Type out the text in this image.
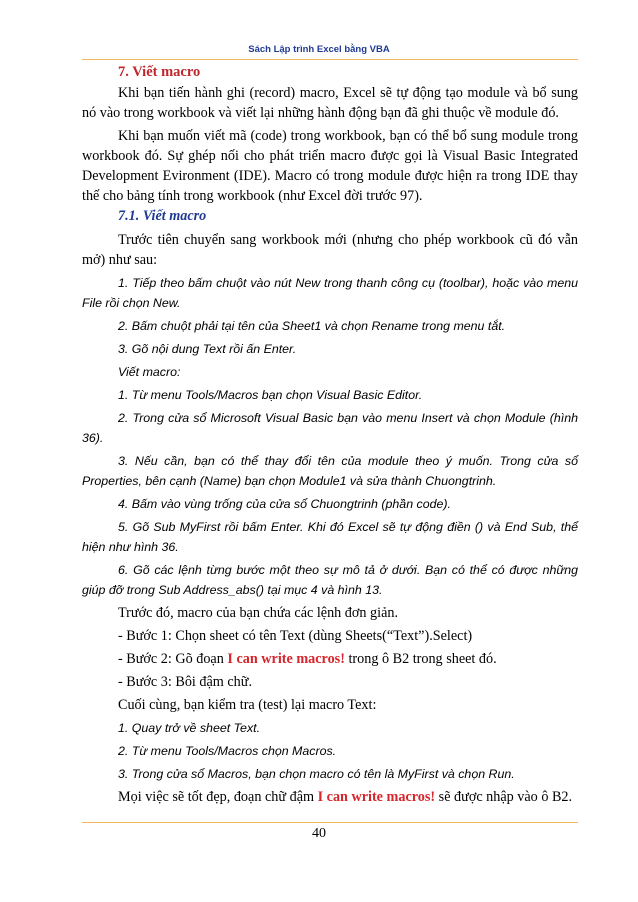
Sách Lập trình Excel bằng VBA

7. Viết macro

Khi bạn tiến hành ghi (record) macro, Excel sẽ tự động tạo module và bổ sung nó vào trong workbook và viết lại những hành động bạn đã ghi thuộc về module đó.

Khi bạn muốn viết mã (code) trong workbook, bạn có thể bổ sung module trong workbook đó. Sự ghép nối cho phát triển macro được gọi là Visual Basic Integrated Development Evironment (IDE). Macro có trong module được hiện ra trong IDE thay thế cho bảng tính trong workbook (như Excel đời trước 97).

7.1. Viết macro

Trước tiên chuyển sang workbook mới (nhưng cho phép workbook cũ đó vẫn mở) như sau:

1. Tiếp theo bấm chuột vào nút New trong thanh công cụ (toolbar), hoặc vào menu File rồi chọn New.

2. Bấm chuột phải tại tên của Sheet1 và chọn Rename trong menu tắt.

3. Gõ nội dung Text rồi ấn Enter.

Viết macro:

1. Từ menu Tools/Macros bạn chọn Visual Basic Editor.

2. Trong cửa sổ Microsoft Visual Basic bạn vào menu Insert và chọn Module (hình 36).

3. Nếu cần, bạn có thể thay đổi tên của module theo ý muốn. Trong cửa sổ Properties, bên cạnh (Name) bạn chọn Module1 và sửa thành Chuongtrinh.

4. Bấm vào vùng trống của cửa sổ Chuongtrinh (phần code).

5. Gõ Sub MyFirst rồi bấm Enter. Khi đó Excel sẽ tự động điền () và End Sub, thể hiện như hình 36.

6. Gõ các lệnh từng bước một theo sự mô tả ở dưới. Bạn có thể có được những giúp đỡ trong Sub Address_abs() tại mục 4 và hình 13.

Trước đó, macro của bạn chứa các lệnh đơn giản.

- Bước 1: Chọn sheet có tên Text (dùng Sheets(“Text”).Select)

- Bước 2: Gõ đoạn I can write macros! trong ô B2 trong sheet đó.

- Bước 3: Bôi đậm chữ.

Cuối cùng, bạn kiểm tra (test) lại macro Text:

1. Quay trở về sheet Text.

2. Từ menu Tools/Macros chọn Macros.

3. Trong cửa sổ Macros, bạn chọn macro có tên là MyFirst và chọn Run.

Mọi việc sẽ tốt đẹp, đoạn chữ đậm I can write macros! sẽ được nhập vào ô B2.

40
